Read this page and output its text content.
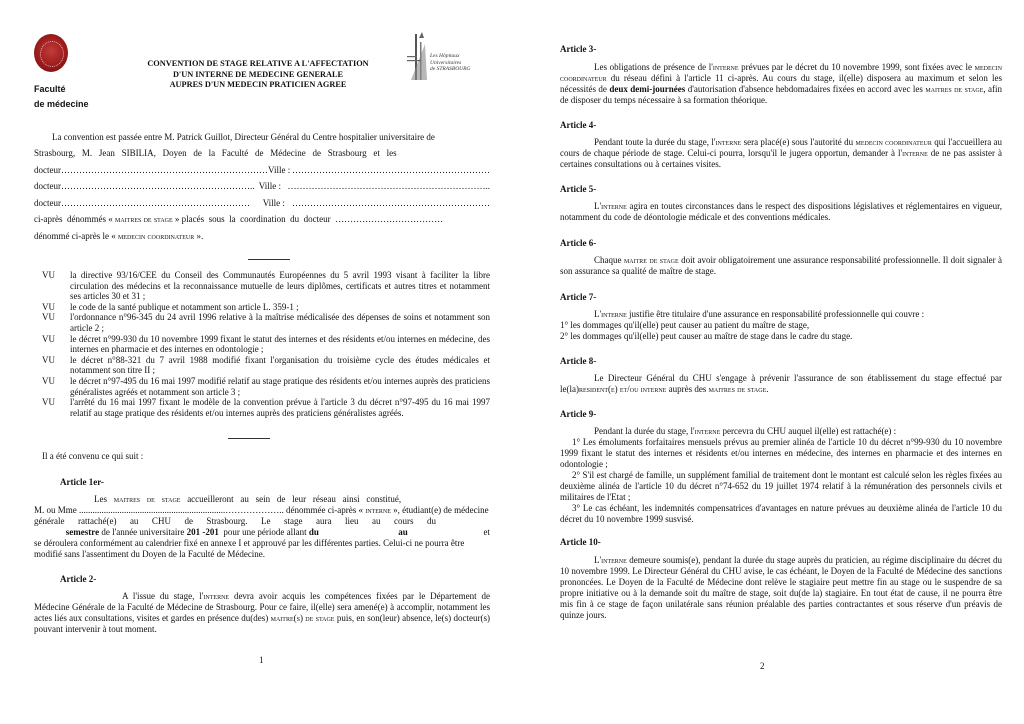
Faculté
de médecine
CONVENTION DE STAGE RELATIVE A L'AFFECTATION
D'UN INTERNE DE MEDECINE GENERALE
AUPRES D'UN MEDECIN PRATICIEN AGREE
Les Hôpitaux
Universitaires
de STRASBOURG
La convention est passée entre M. Patrick Guillot, Directeur Général du Centre hospitalier universitaire de
Strasbourg,   M.   Jean   SIBILIA,   Doyen   de   la   Faculté   de   Médecine   de   Strasbourg   et   les
docteur…………………………………………………………… Ville : …………………………………………………………
docteur……………………………………………………….. Ville : …………………………………………………………..
docteur………………………………………………………	Ville : …………………………………………………………
ci-après  dénommés « maitres de stage » placés  sous  la  coordination  du  docteur  ………………………………
dénommé ci-après le « medecin coordinateur ».
VU	la directive 93/16/CEE du Conseil des Communautés Européennes du 5 avril 1993 visant à faciliter la libre circulation des médecins et la reconnaissance mutuelle de leurs diplômes, certificats et autres titres et notamment ses articles 30 et 31 ;
VU	le code de la santé publique et notamment son article L. 359-1 ;
VU	l'ordonnance n°96-345 du 24 avril 1996 relative à la maîtrise médicalisée des dépenses de soins et notamment son article 2 ;
VU	le décret n°99-930 du 10 novembre 1999 fixant le statut des internes et des résidents et/ou internes en médecine, des internes en pharmacie et des internes en odontologie ;
VU	le décret n°88-321 du 7 avril 1988 modifié fixant l'organisation du troisième cycle des études médicales et notamment son titre II ;
VU	le décret n°97-495 du 16 mai 1997 modifié relatif au stage pratique des résidents et/ou internes auprès des praticiens généralistes agréés et notamment son article 3 ;
VU	l'arrêté du 16 mai 1997 fixant le modèle de la convention prévue à l'article 3 du décret n°97-495 du 16 mai 1997 relatif au stage pratique des résidents et/ou internes auprès des praticiens généralistes agréés.
Il a été convenu ce qui suit :
Article 1er-
Les maitres   de   stage accueilleront   au   sein   de   leur   réseau   ainsi   constitué,
M. ou Mme .................................................................……………….. dénommée ci-après « interne », étudiant(e) de médecine
générale      rattaché(e)      au      CHU      de      Strasbourg.      Le      stage      aura      lieu      au      cours      du
semestre
de l'année universitaire
201 -201
pour une période allant
du	au	et
se déroulera conformément au calendrier fixé en annexe I et approuvé par les différentes parties. Celui-ci ne pourra être modifié sans l'assentiment du Doyen de la Faculté de Médecine.
Article 2-
A l'issue du stage, l'interne devra avoir acquis les compétences fixées par le Département de Médecine Générale de la Faculté de Médecine de Strasbourg. Pour ce faire, il(elle) sera amené(e) à accomplir, notamment les actes liés aux consultations, visites et gardes en présence du(des) maitre(s) de stage puis, en son(leur) absence, le(s) docteur(s) pouvant intervenir à tout moment.
1
Article 3-
Les obligations de présence de l'interne prévues par le décret du 10 novembre 1999, sont fixées avec le medecin coordinateur du réseau défini à l'article 11 ci-après. Au cours du stage, il(elle) disposera au maximum et selon les nécessités de deux demi-journées d'autorisation d'absence hebdomadaires fixées en accord avec les maitres de stage, afin de disposer du temps nécessaire à sa formation théorique.
Article 4-
Pendant toute la durée du stage, l'interne sera placé(e) sous l'autorité du medecin coordinateur qui l'accueillera au cours de chaque période de stage. Celui-ci pourra, lorsqu'il le jugera opportun, demander à l'interne de ne pas assister à certaines consultations ou à certaines visites.
Article 5-
L'interne agira en toutes circonstances dans le respect des dispositions législatives et réglementaires en vigueur, notamment du code de déontologie médicale et des conventions médicales.
Article 6-
Chaque maitre de stage doit avoir obligatoirement une assurance responsabilité professionnelle. Il doit signaler à son assurance sa qualité de maître de stage.
Article 7-
L'interne justifie être titulaire d'une assurance en responsabilité professionnelle qui couvre :
1° les dommages qu'il(elle) peut causer au patient du maître de stage,
2° les dommages qu'il(elle) peut causer au maître de stage dans le cadre du stage.
Article 8-
Le Directeur Général du CHU s'engage à prévenir l'assurance de son établissement du stage effectué par le(la)resident(e) et/ou interne auprès des maitres de stage.
Article 9-
Pendant la durée du stage, l'interne percevra du CHU auquel il(elle) est rattaché(e) :
1° Les émoluments forfaitaires mensuels prévus au premier alinéa de l'article 10 du décret n°99-930 du 10 novembre 1999 fixant le statut des internes et résidents et/ou internes en médecine, des internes en pharmacie et des internes en odontologie ;
2° S'il est chargé de famille, un supplément familial de traitement dont le montant est calculé selon les règles fixées au deuxième alinéa de l'article 10 du décret n°74-652 du 19 juillet 1974 relatif à la rémunération des personnels civils et militaires de l'Etat ;
3° Le cas échéant, les indemnités compensatrices d'avantages en nature prévues au deuxième alinéa de l'article 10 du décret du 10 novembre 1999 susvisé.
Article 10-
L'interne demeure soumis(e), pendant la durée du stage auprès du praticien, au régime disciplinaire du décret du 10 novembre 1999. Le Directeur Général du CHU avise, le cas échéant, le Doyen de la Faculté de Médecine des sanctions prononcées. Le Doyen de la Faculté de Médecine dont relève le stagiaire peut mettre fin au stage ou le suspendre de sa propre initiative ou à la demande soit du maître de stage, soit du(de la) stagiaire. En tout état de cause, il ne pourra être mis fin à ce stage de façon unilatérale sans réunion préalable des parties contractantes et sous réserve d'un préavis de quinze jours.
2
